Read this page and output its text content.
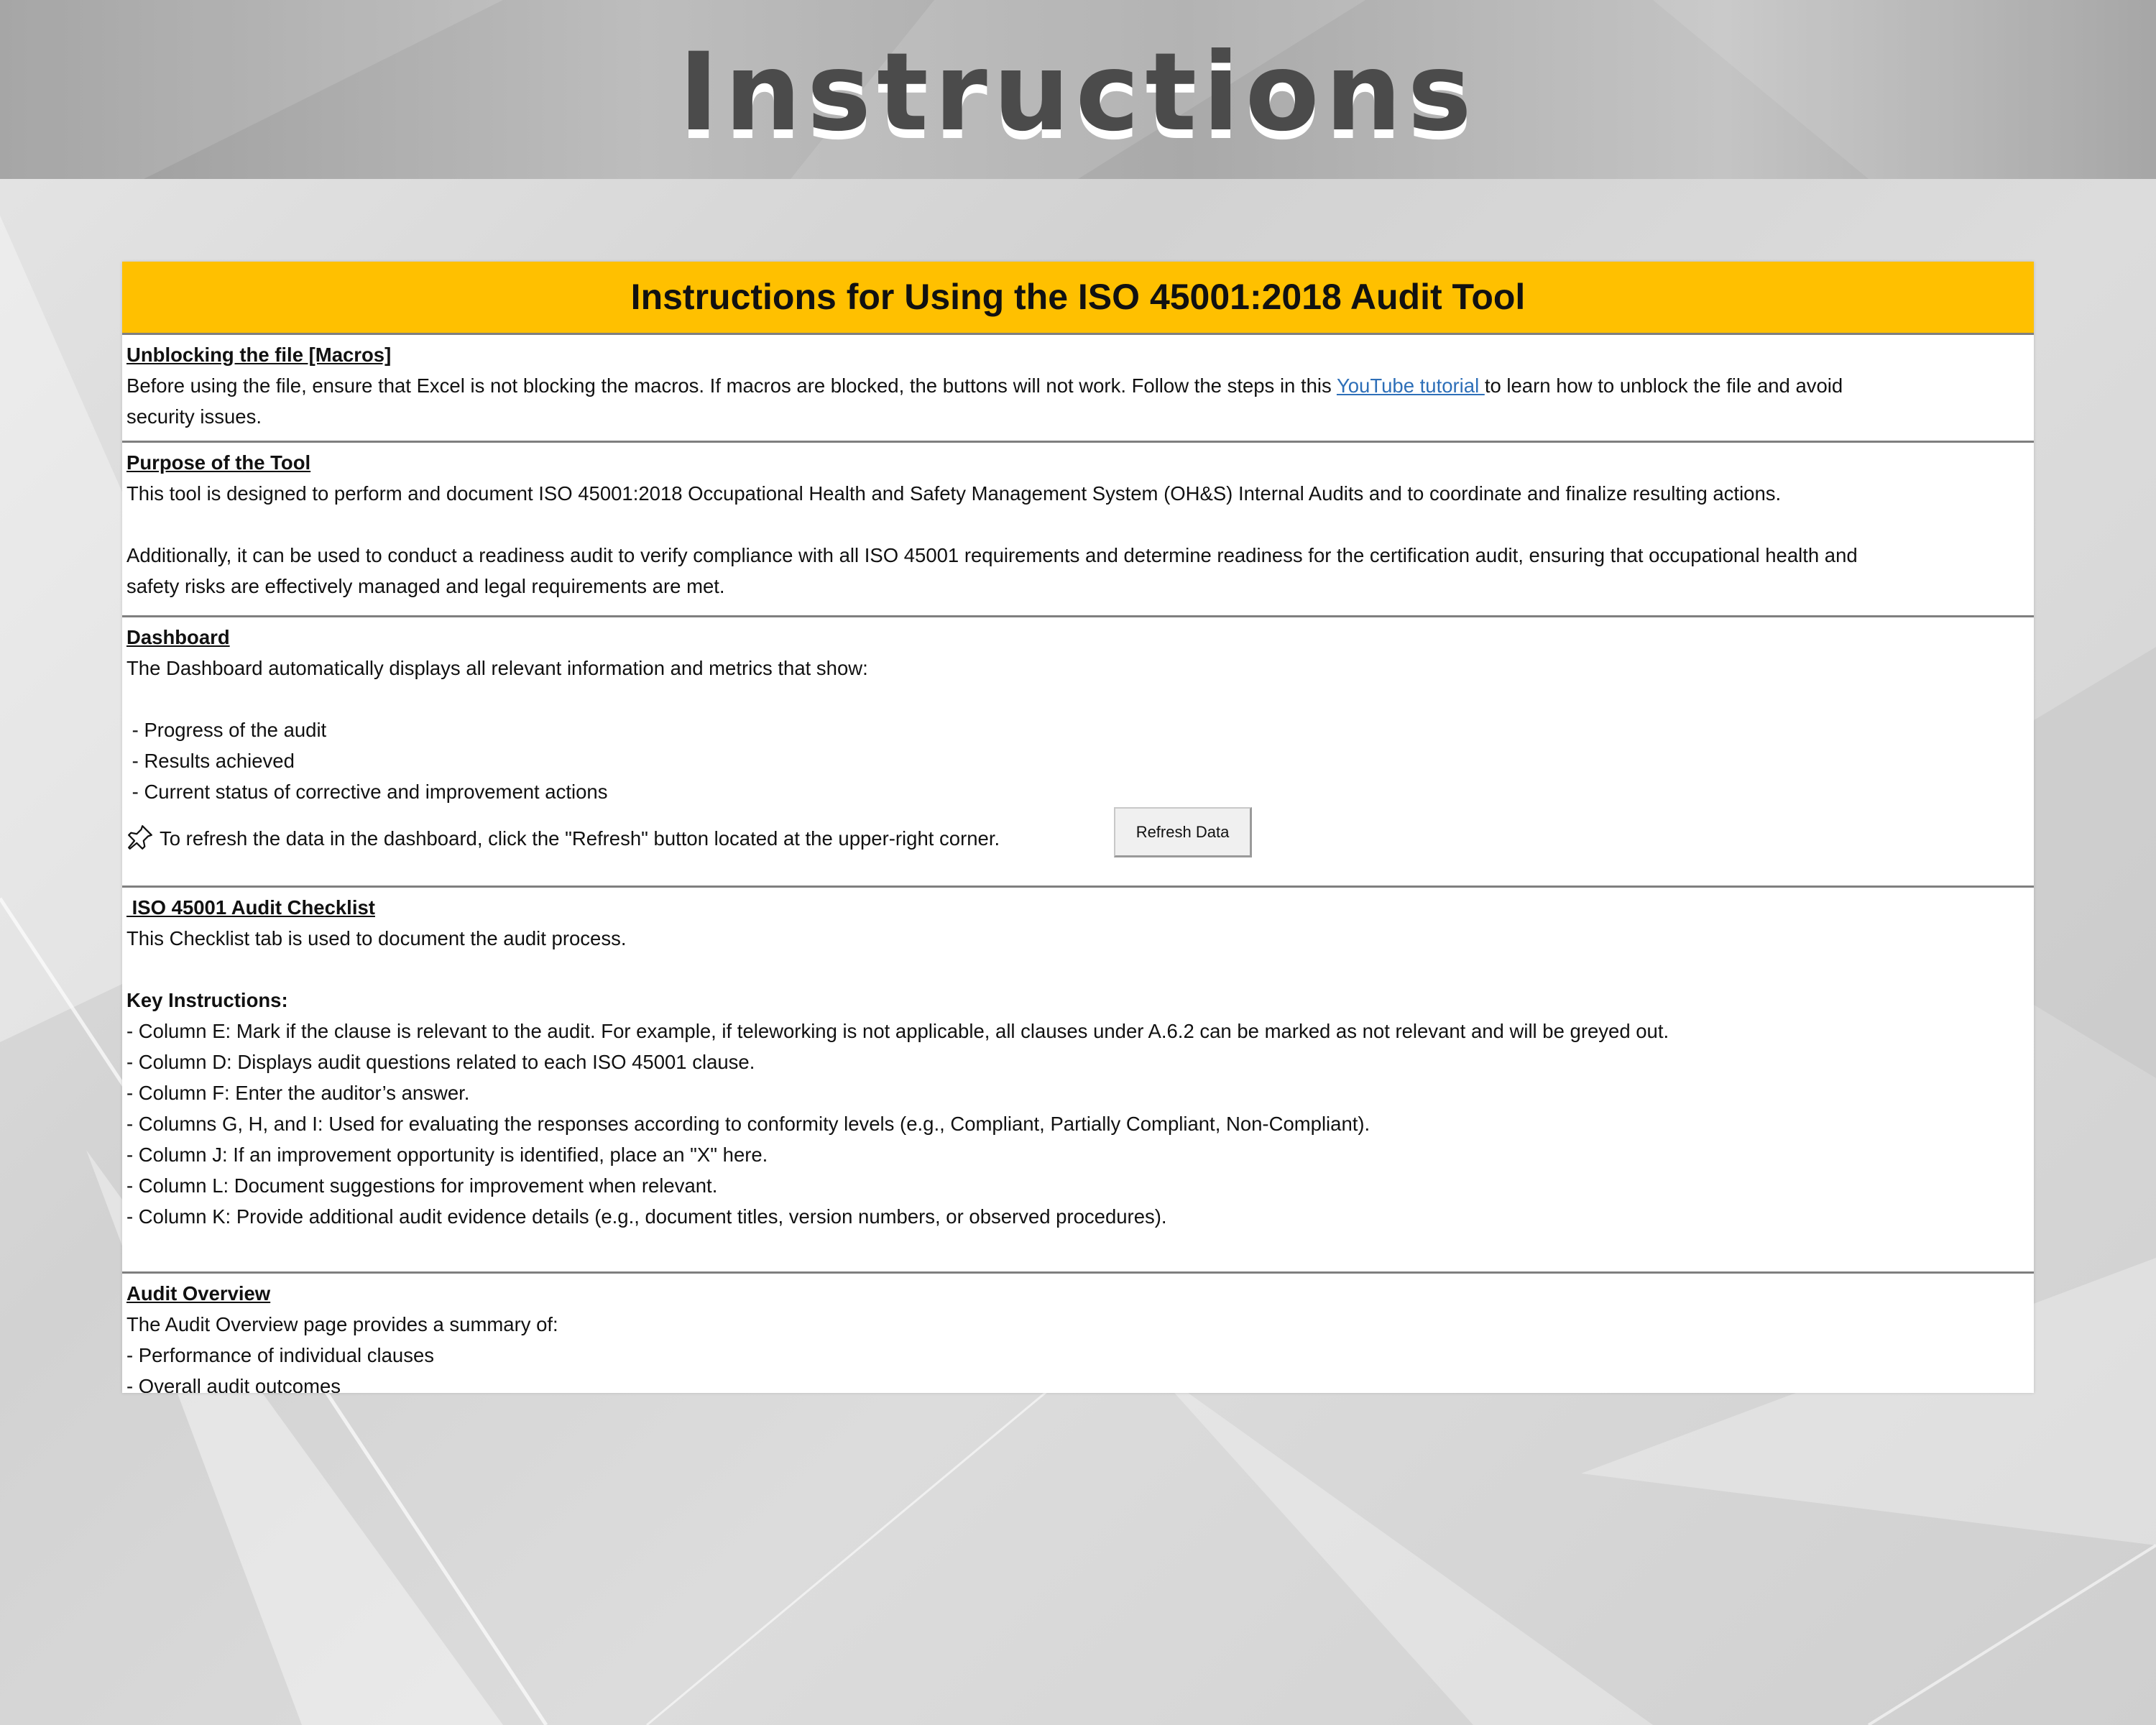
Instructions
Instructions for Using the ISO 45001:2018 Audit Tool
Unblocking the file [Macros]
Before using the file, ensure that Excel is not blocking the macros. If macros are blocked, the buttons will not work. Follow the steps in this YouTube tutorial to learn how to unblock the file and avoid
security issues.
Purpose of the Tool
This tool is designed to perform and document ISO 45001:2018 Occupational Health and Safety Management System (OH&S) Internal Audits and to coordinate and finalize resulting actions.
Additionally, it can be used to conduct a readiness audit to verify compliance with all ISO 45001 requirements and determine readiness for the certification audit, ensuring that occupational health and
safety risks are effectively managed and legal requirements are met.
Dashboard
The Dashboard automatically displays all relevant information and metrics that show:
- Progress of the audit
- Results achieved
- Current status of corrective and improvement actions
To refresh the data in the dashboard, click the "Refresh" button located at the upper-right corner.	Refresh Data
ISO 45001 Audit Checklist
This Checklist tab is used to document the audit process.
Key Instructions:
- Column E: Mark if the clause is relevant to the audit. For example, if teleworking is not applicable, all clauses under A.6.2 can be marked as not relevant and will be greyed out.
- Column D: Displays audit questions related to each ISO 45001 clause.
- Column F: Enter the auditor’s answer.
- Columns G, H, and I: Used for evaluating the responses according to conformity levels (e.g., Compliant, Partially Compliant, Non-Compliant).
- Column J: If an improvement opportunity is identified, place an "X" here.
- Column L: Document suggestions for improvement when relevant.
- Column K: Provide additional audit evidence details (e.g., document titles, version numbers, or observed procedures).
Audit Overview
The Audit Overview page provides a summary of:
- Performance of individual clauses
- Overall audit outcomes
